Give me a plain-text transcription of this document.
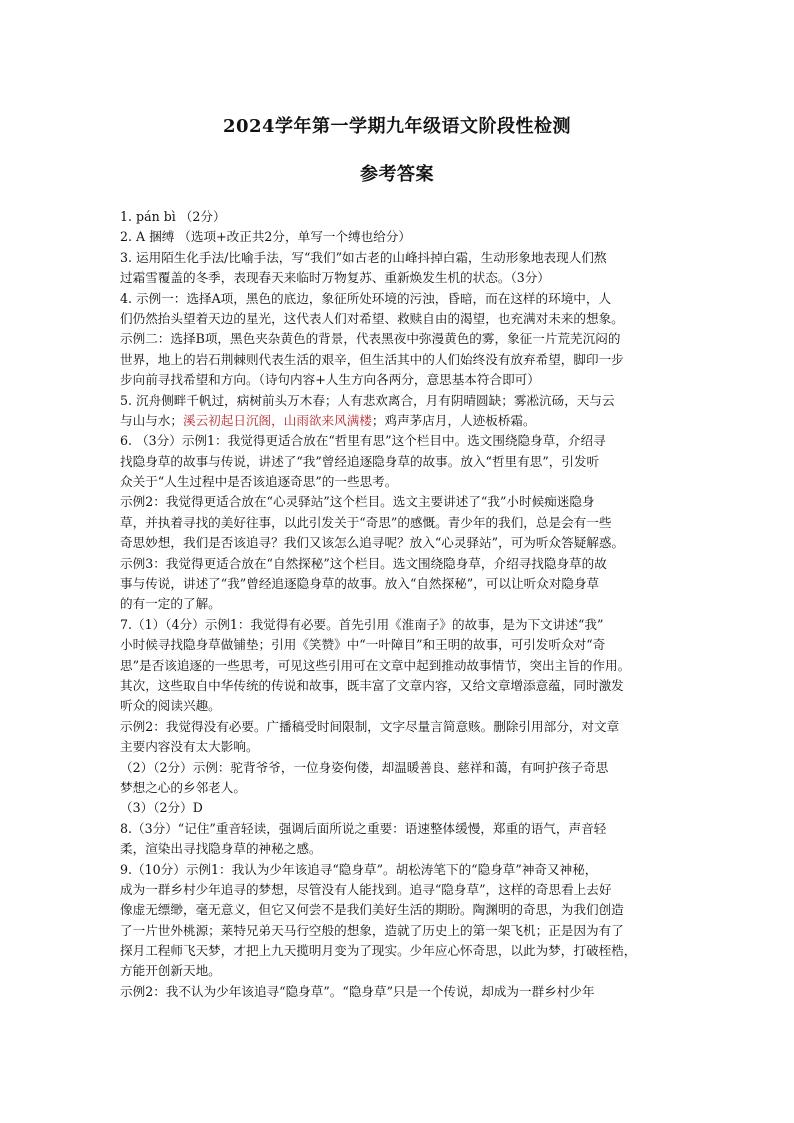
2024学年第一学期九年级语文阶段性检测
参考答案
1. pán bì （2分）
2. A 捆缚 （选项+改正共2分，单写一个缚也给分）
3. 运用陌生化手法/比喻手法，写“我们”如古老的山峰抖掉白霜，生动形象地表现人们熬
过霜雪覆盖的冬季，表现春天来临时万物复苏、重新焕发生机的状态。（3分）
4. 示例一：选择A项，黑色的底边，象征所处环境的污浊，昏暗，而在这样的环境中，人
们仍然抬头望着天边的星光，这代表人们对希望、救赎自由的渴望，也充满对未来的想象。
示例二：选择B项，黑色夹杂黄色的背景，代表黑夜中弥漫黄色的雾，象征一片荒芜沉闷的
世界，地上的岩石荆棘则代表生活的艰辛，但生活其中的人们始终没有放弃希望，脚印一步
步向前寻找希望和方向。（诗句内容+人生方向各两分，意思基本符合即可）
5. 沉舟侧畔千帆过，病树前头万木春；人有悲欢离合，月有阴晴圆缺；雾凇沆砀，天与云
与山与水；溪云初起日沉阁，山雨欲来风满楼；鸡声茅店月，人迹板桥霜。
6. （3分）示例1：我觉得更适合放在“哲里有思”这个栏目中。选文围绕隐身草，介绍寻
找隐身草的故事与传说，讲述了“我”曾经追逐隐身草的故事。放入“哲里有思”，引发听
众关于“人生过程中是否该追逐奇思”的一些思考。
示例2：我觉得更适合放在“心灵驿站”这个栏目。选文主要讲述了“我”小时候痴迷隐身
草，并执着寻找的美好往事，以此引发关于“奇思”的感慨。青少年的我们，总是会有一些
奇思妙想，我们是否该追寻？我们又该怎么追寻呢？放入“心灵驿站”，可为听众答疑解惑。
示例3：我觉得更适合放在“自然探秘”这个栏目。选文围绕隐身草，介绍寻找隐身草的故
事与传说，讲述了“我”曾经追逐隐身草的故事。放入“自然探秘”，可以让听众对隐身草
的有一定的了解。
7.（1）（4分）示例1：我觉得有必要。首先引用《淮南子》的故事，是为下文讲述“我”
小时候寻找隐身草做铺垫；引用《笑赞》中“一叶障目”和王明的故事，可引发听众对“奇
思”是否该追逐的一些思考，可见这些引用可在文章中起到推动故事情节，突出主旨的作用。
其次，这些取自中华传统的传说和故事，既丰富了文章内容，又给文章增添意蕴，同时激发
听众的阅读兴趣。
示例2：我觉得没有必要。广播稿受时间限制，文字尽量言简意赅。删除引用部分，对文章
主要内容没有太大影响。
（2）（2分）示例：驼背爷爷，一位身姿佝偻，却温暖善良、慈祥和蔼，有呵护孩子奇思
梦想之心的乡邻老人。
（3）（2分）D
8.（3分）“记住”重音轻读，强调后面所说之重要：语速整体缓慢，郑重的语气，声音轻
柔，渲染出寻找隐身草的神秘之感。
9.（10分）示例1：我认为少年该追寻“隐身草”。胡松涛笔下的“隐身草”神奇又神秘，
成为一群乡村少年追寻的梦想，尽管没有人能找到。追寻“隐身草”，这样的奇思看上去好
像虚无缥缈，毫无意义，但它又何尝不是我们美好生活的期盼。陶渊明的奇思，为我们创造
了一片世外桃源；莱特兄弟天马行空般的想象，造就了历史上的第一架飞机；正是因为有了
探月工程师飞天梦，才把上九天揽明月变为了现实。少年应心怀奇思，以此为梦，打破桎梏，
方能开创新天地。
示例2：我不认为少年该追寻“隐身草”。“隐身草”只是一个传说，却成为一群乡村少年
